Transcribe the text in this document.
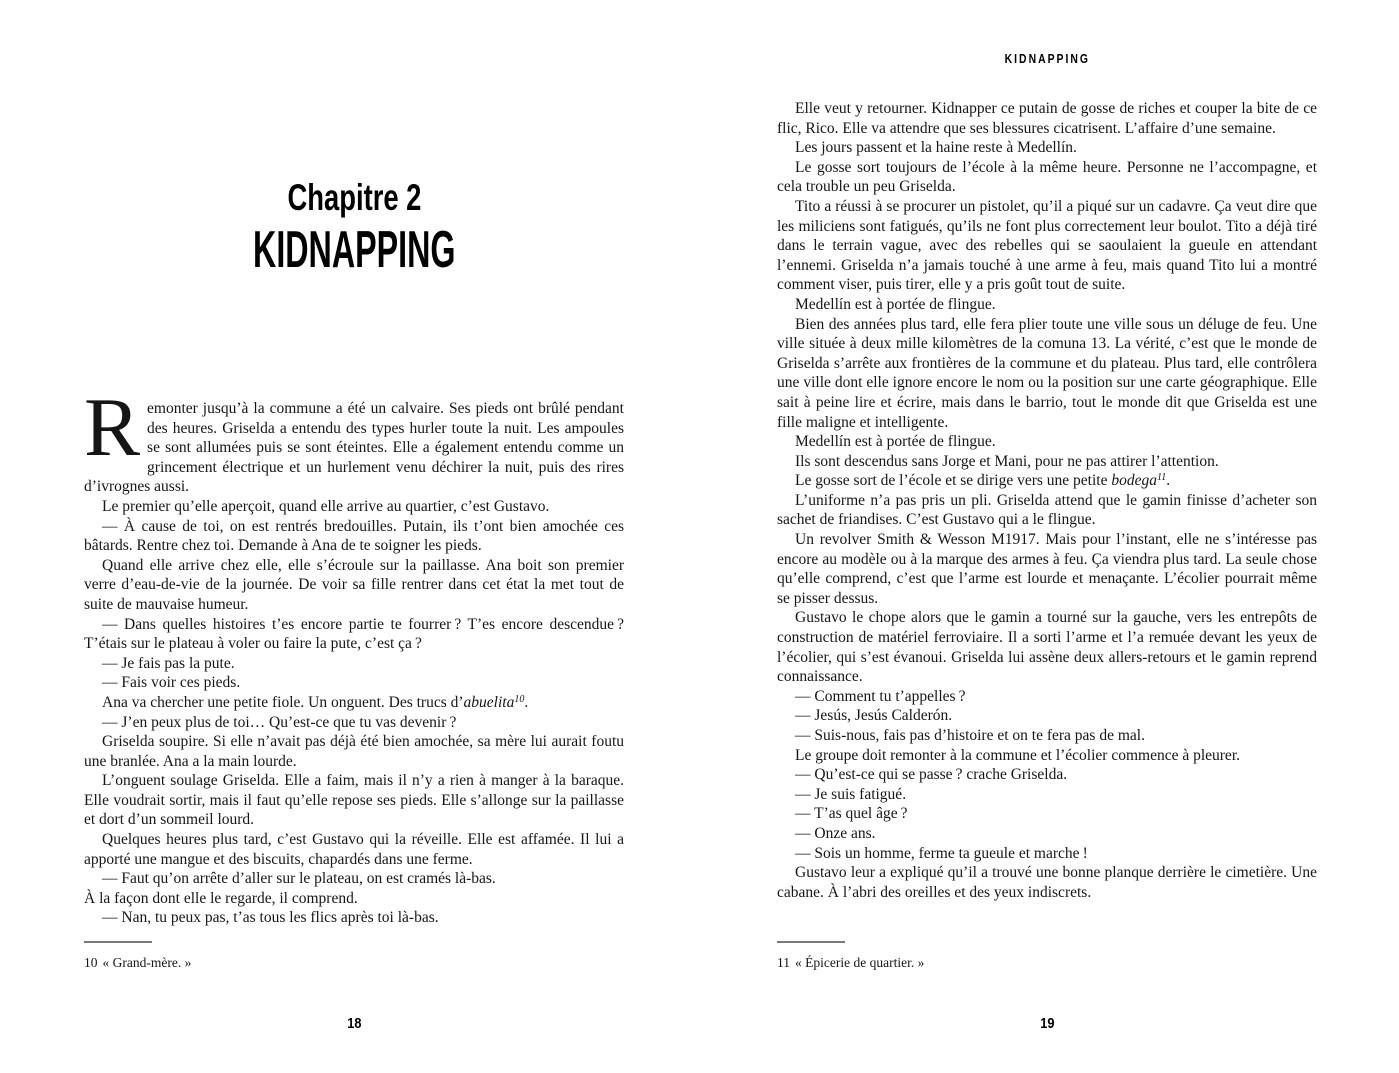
Chapitre 2
KIDNAPPING

Remonter jusqu’à la commune a été un calvaire. Ses pieds ont brûlé pendant des heures. Griselda a entendu des types hurler toute la nuit. Les ampoules se sont allumées puis se sont éteintes. Elle a également entendu comme un grincement électrique et un hurlement venu déchirer la nuit, puis des rires d’ivrognes aussi.

Le premier qu’elle aperçoit, quand elle arrive au quartier, c’est Gustavo.

— À cause de toi, on est rentrés bredouilles. Putain, ils t’ont bien amochée ces bâtards. Rentre chez toi. Demande à Ana de te soigner les pieds.

Quand elle arrive chez elle, elle s’écroule sur la paillasse. Ana boit son premier verre d’eau-de-vie de la journée. De voir sa fille rentrer dans cet état la met tout de suite de mauvaise humeur.

— Dans quelles histoires t’es encore partie te fourrer ? T’es encore descendue ? T’étais sur le plateau à voler ou faire la pute, c’est ça ?

— Je fais pas la pute.

— Fais voir ces pieds.

Ana va chercher une petite fiole. Un onguent. Des trucs d’abuelita$^{10}$.

— J’en peux plus de toi… Qu’est-ce que tu vas devenir ?

Griselda soupire. Si elle n’avait pas déjà été bien amochée, sa mère lui aurait foutu une branlée. Ana a la main lourde.

L’onguent soulage Griselda. Elle a faim, mais il n’y a rien à manger à la baraque. Elle voudrait sortir, mais il faut qu’elle repose ses pieds. Elle s’allonge sur la paillasse et dort d’un sommeil lourd.

Quelques heures plus tard, c’est Gustavo qui la réveille. Elle est affamée. Il lui a apporté une mangue et des biscuits, chapardés dans une ferme.

— Faut qu’on arrête d’aller sur le plateau, on est cramés là-bas.

À la façon dont elle le regarde, il comprend.

— Nan, tu peux pas, t’as tous les flics après toi là-bas.

10 « Grand-mère. »
18
KIDNAPPING

Elle veut y retourner. Kidnapper ce putain de gosse de riches et couper la bite de ce flic, Rico. Elle va attendre que ses blessures cicatrisent. L’affaire d’une semaine.

Les jours passent et la haine reste à Medellín.

Le gosse sort toujours de l’école à la même heure. Personne ne l’accompagne, et cela trouble un peu Griselda.

Tito a réussi à se procurer un pistolet, qu’il a piqué sur un cadavre. Ça veut dire que les miliciens sont fatigués, qu’ils ne font plus correctement leur boulot. Tito a déjà tiré dans le terrain vague, avec des rebelles qui se saoulaient la gueule en attendant l’ennemi. Griselda n’a jamais touché à une arme à feu, mais quand Tito lui a montré comment viser, puis tirer, elle y a pris goût tout de suite.

Medellín est à portée de flingue.

Bien des années plus tard, elle fera plier toute une ville sous un déluge de feu. Une ville située à deux mille kilomètres de la comuna 13. La vérité, c’est que le monde de Griselda s’arrête aux frontières de la commune et du plateau. Plus tard, elle contrôlera une ville dont elle ignore encore le nom ou la position sur une carte géographique. Elle sait à peine lire et écrire, mais dans le barrio, tout le monde dit que Griselda est une fille maligne et intelligente.

Medellín est à portée de flingue.

Ils sont descendus sans Jorge et Mani, pour ne pas attirer l’attention.

Le gosse sort de l’école et se dirige vers une petite bodega$^{11}$.

L’uniforme n’a pas pris un pli. Griselda attend que le gamin finisse d’acheter son sachet de friandises. C’est Gustavo qui a le flingue.

Un revolver Smith & Wesson M1917. Mais pour l’instant, elle ne s’intéresse pas encore au modèle ou à la marque des armes à feu. Ça viendra plus tard. La seule chose qu’elle comprend, c’est que l’arme est lourde et menaçante. L’écolier pourrait même se pisser dessus.

Gustavo le chope alors que le gamin a tourné sur la gauche, vers les entrepôts de construction de matériel ferroviaire. Il a sorti l’arme et l’a remuée devant les yeux de l’écolier, qui s’est évanoui. Griselda lui assène deux allers-retours et le gamin reprend connaissance.

— Comment tu t’appelles ?

— Jesús, Jesús Calderón.

— Suis-nous, fais pas d’histoire et on te fera pas de mal.

Le groupe doit remonter à la commune et l’écolier commence à pleurer.

— Qu’est-ce qui se passe ? crache Griselda.

— Je suis fatigué.

— T’as quel âge ?

— Onze ans.

— Sois un homme, ferme ta gueule et marche !

Gustavo leur a expliqué qu’il a trouvé une bonne planque derrière le cimetière. Une cabane. À l’abri des oreilles et des yeux indiscrets.

11 « Épicerie de quartier. »
19
